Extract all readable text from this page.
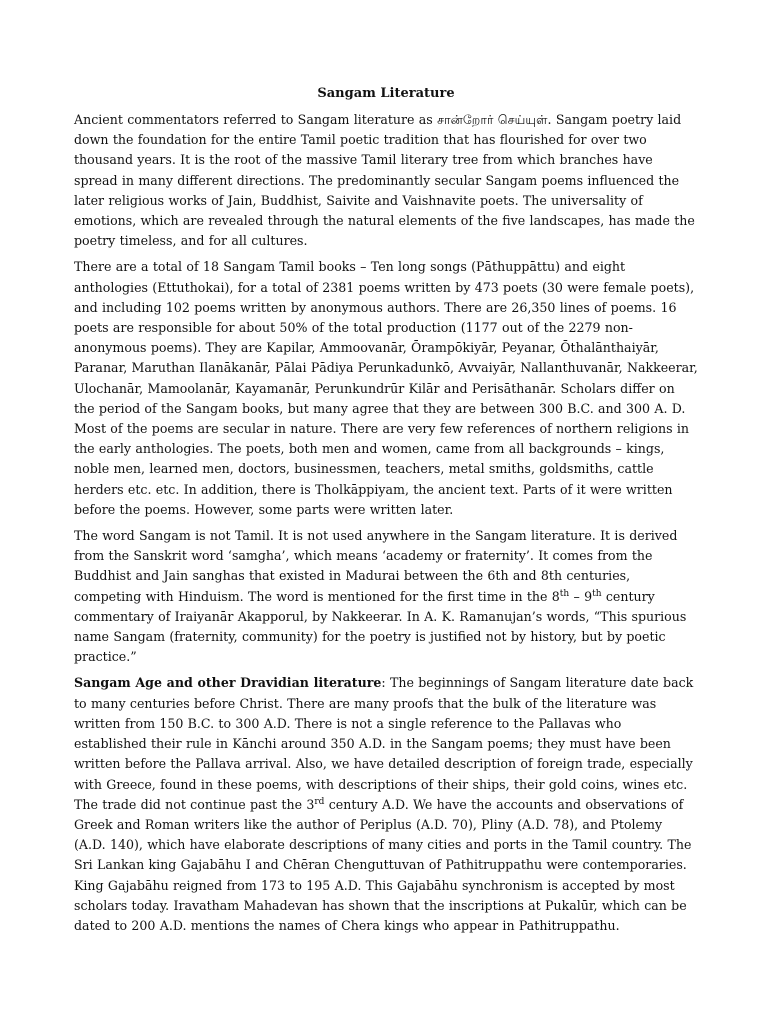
Sangam Literature

Ancient commentators referred to Sangam literature as சான்றோர் செய்யுள். Sangam poetry laid down the foundation for the entire Tamil poetic tradition that has flourished for over two thousand years. It is the root of the massive Tamil literary tree from which branches have spread in many different directions. The predominantly secular Sangam poems influenced the later religious works of Jain, Buddhist, Saivite and Vaishnavite poets. The universality of emotions, which are revealed through the natural elements of the five landscapes, has made the poetry timeless, and for all cultures.

There are a total of 18 Sangam Tamil books – Ten long songs (Pāthuppāttu) and eight anthologies (Ettuthokai), for a total of 2381 poems written by 473 poets (30 were female poets), and including 102 poems written by anonymous authors. There are 26,350 lines of poems. 16 poets are responsible for about 50% of the total production (1177 out of the 2279 non-anonymous poems). They are Kapilar, Ammoovanār, Ōrampōkiyār, Peyanar, Ōthalānthaiyār, Paranar, Maruthan Ilanākanār, Pālai Pādiya Perunkadunkō, Avvaiyār, Nallanthuvanār, Nakkeerar, Ulochanār, Mamoolanār, Kayamanār, Perunkundrūr Kilār and Perisāthanār. Scholars differ on the period of the Sangam books, but many agree that they are between 300 B.C. and 300 A. D. Most of the poems are secular in nature. There are very few references of northern religions in the early anthologies. The poets, both men and women, came from all backgrounds – kings, noble men, learned men, doctors, businessmen, teachers, metal smiths, goldsmiths, cattle herders etc. etc. In addition, there is Tholkāppiyam, the ancient text. Parts of it were written before the poems. However, some parts were written later.

The word Sangam is not Tamil. It is not used anywhere in the Sangam literature. It is derived from the Sanskrit word ‘samgha’, which means ‘academy or fraternity’. It comes from the Buddhist and Jain sanghas that existed in Madurai between the 6th and 8th centuries, competing with Hinduism. The word is mentioned for the first time in the 8th – 9th century commentary of Iraiyanār Akapporul, by Nakkeerar. In A. K. Ramanujan’s words, “This spurious name Sangam (fraternity, community) for the poetry is justified not by history, but by poetic practice.”

Sangam Age and other Dravidian literature: The beginnings of Sangam literature date back to many centuries before Christ. There are many proofs that the bulk of the literature was written from 150 B.C. to 300 A.D. There is not a single reference to the Pallavas who established their rule in Kānchi around 350 A.D. in the Sangam poems; they must have been written before the Pallava arrival. Also, we have detailed description of foreign trade, especially with Greece, found in these poems, with descriptions of their ships, their gold coins, wines etc. The trade did not continue past the 3rd century A.D. We have the accounts and observations of Greek and Roman writers like the author of Periplus (A.D. 70), Pliny (A.D. 78), and Ptolemy (A.D. 140), which have elaborate descriptions of many cities and ports in the Tamil country. The Sri Lankan king Gajabāhu I and Chēran Chenguttuvan of Pathitruppathu were contemporaries. King Gajabāhu reigned from 173 to 195 A.D. This Gajabāhu synchronism is accepted by most scholars today. Iravatham Mahadevan has shown that the inscriptions at Pukalūr, which can be dated to 200 A.D. mentions the names of Chera kings who appear in Pathitruppathu.
